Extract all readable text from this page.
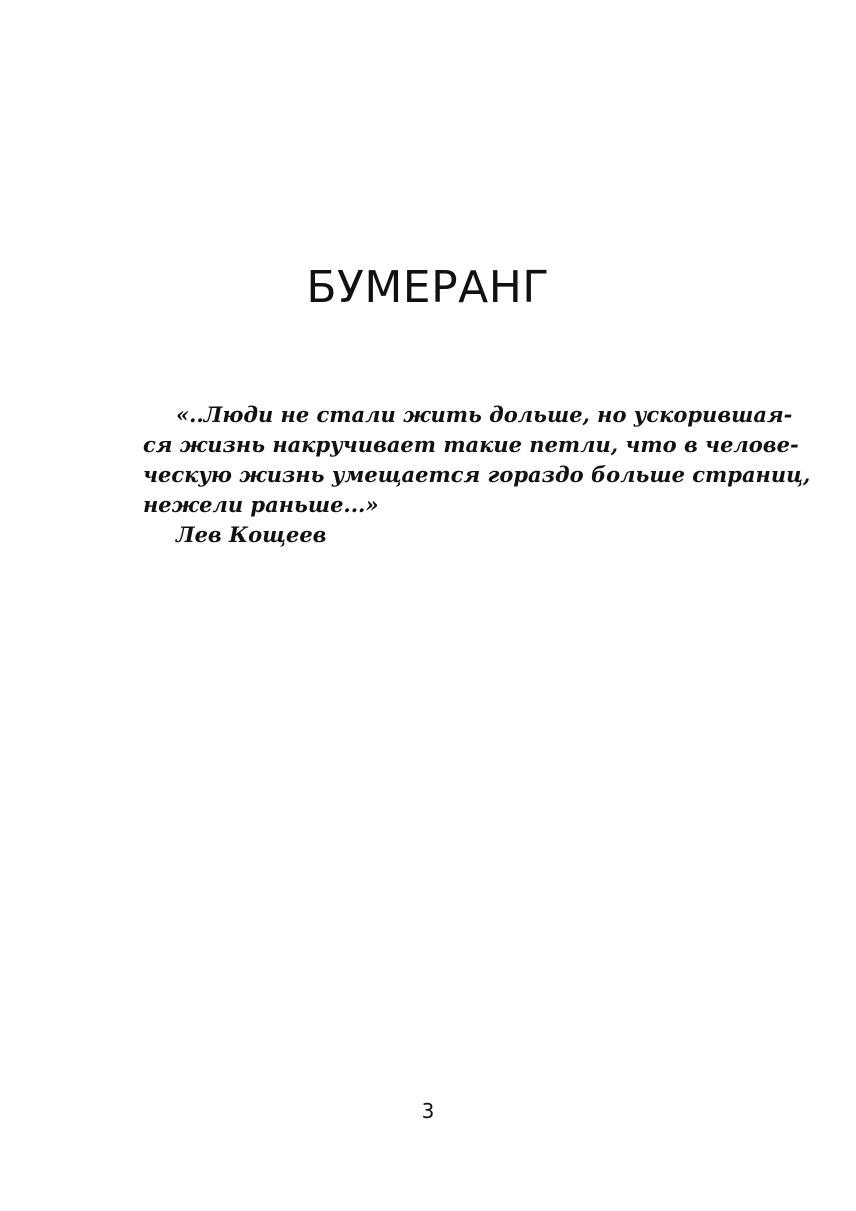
БУМЕРАНГ
«..Люди не стали жить дольше, но ускорившая-
ся жизнь накручивает такие петли, что в челове-
ческую жизнь умещается гораздо больше страниц,
нежели раньше...»
Лев Кощеев
3
